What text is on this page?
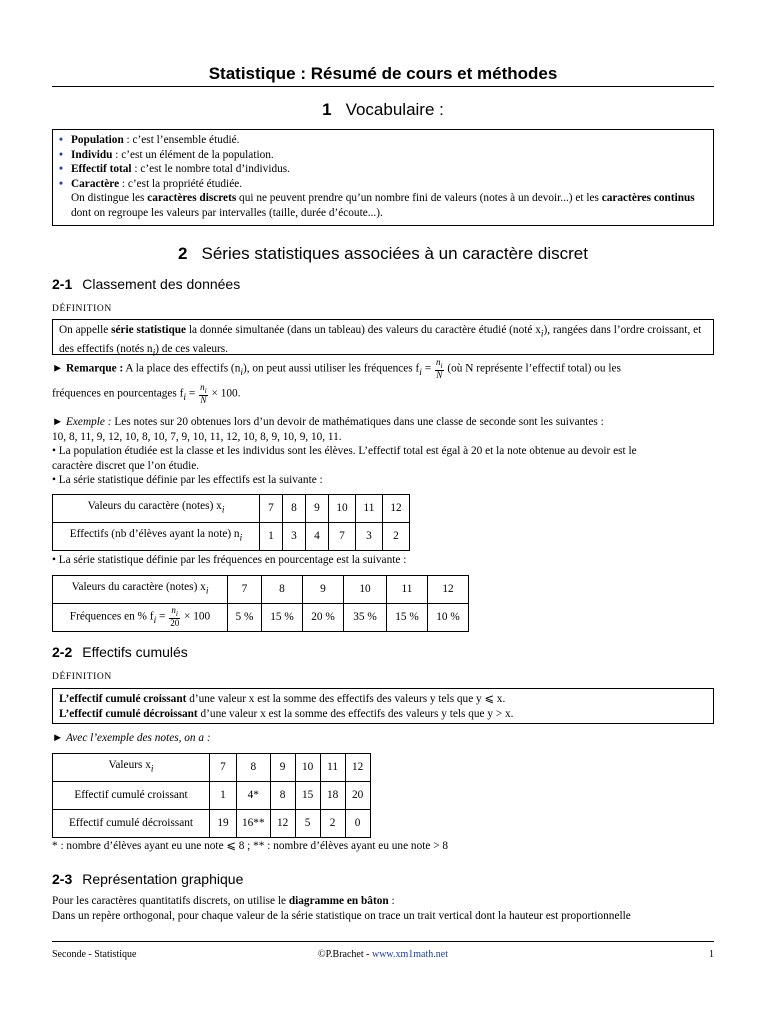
Statistique : Résumé de cours et méthodes
1 Vocabulaire :
• Population : c’est l’ensemble étudié.
• Individu : c’est un élément de la population.
• Effectif total : c’est le nombre total d’individus.
• Caractère : c’est la propriété étudiée.
On distingue les caractères discrets qui ne peuvent prendre qu’un nombre fini de valeurs (notes à un devoir...) et les caractères continus dont on regroupe les valeurs par intervalles (taille, durée d’écoute...).
2 Séries statistiques associées à un caractère discret
2-1 Classement des données
DÉFINITION
On appelle série statistique la donnée simultanée (dans un tableau) des valeurs du caractère étudié (noté $x_i$), rangées dans l’ordre croissant, et des effectifs (notés $n_i$) de ces valeurs.
► Remarque : A la place des effectifs $(n_i)$, on peut aussi utiliser les fréquences $f_i = \frac{n_i}{N}$ (où N représente l’effectif total) ou les
fréquences en pourcentages $f_i = \frac{n_i}{N} \times 100$.
► Exemple : Les notes sur 20 obtenues lors d’un devoir de mathématiques dans une classe de seconde sont les suivantes :
10, 8, 11, 9, 12, 10, 8, 10, 7, 9, 10, 11, 12, 10, 8, 9, 10, 9, 10, 11.
• La population étudiée est la classe et les individus sont les élèves. L’effectif total est égal à 20 et la note obtenue au devoir est le
caractère discret que l’on étudie.
• La série statistique définie par les effectifs est la suivante :
Valeurs du caractère (notes) $x_i$	7	8	9	10	11	12
Effectifs (nb d’élèves ayant la note) $n_i$	1	3	4	7	3	2
• La série statistique définie par les fréquences en pourcentage est la suivante :
Valeurs du caractère (notes) $x_i$	7	8	9	10	11	12
Fréquences en % $f_i = \frac{n_i}{20} \times 100$	5 %	15 %	20 %	35 %	15 %	10 %
2-2 Effectifs cumulés
DÉFINITION
L’effectif cumulé croissant d’une valeur x est la somme des effectifs des valeurs y tels que y ⩽ x.
L’effectif cumulé décroissant d’une valeur x est la somme des effectifs des valeurs y tels que y > x.
► Avec l’exemple des notes, on a :
Valeurs $x_i$	7	8	9	10	11	12
Effectif cumulé croissant	1	4*	8	15	18	20
Effectif cumulé décroissant	19	16**	12	5	2	0
* : nombre d’élèves ayant eu une note ⩽ 8 ; ** : nombre d’élèves ayant eu une note > 8
2-3 Représentation graphique
Pour les caractères quantitatifs discrets, on utilise le diagramme en bâton :
Dans un repère orthogonal, pour chaque valeur de la série statistique on trace un trait vertical dont la hauteur est proportionnelle
Seconde - Statistique	©P.Brachet - www.xm1math.net	1
